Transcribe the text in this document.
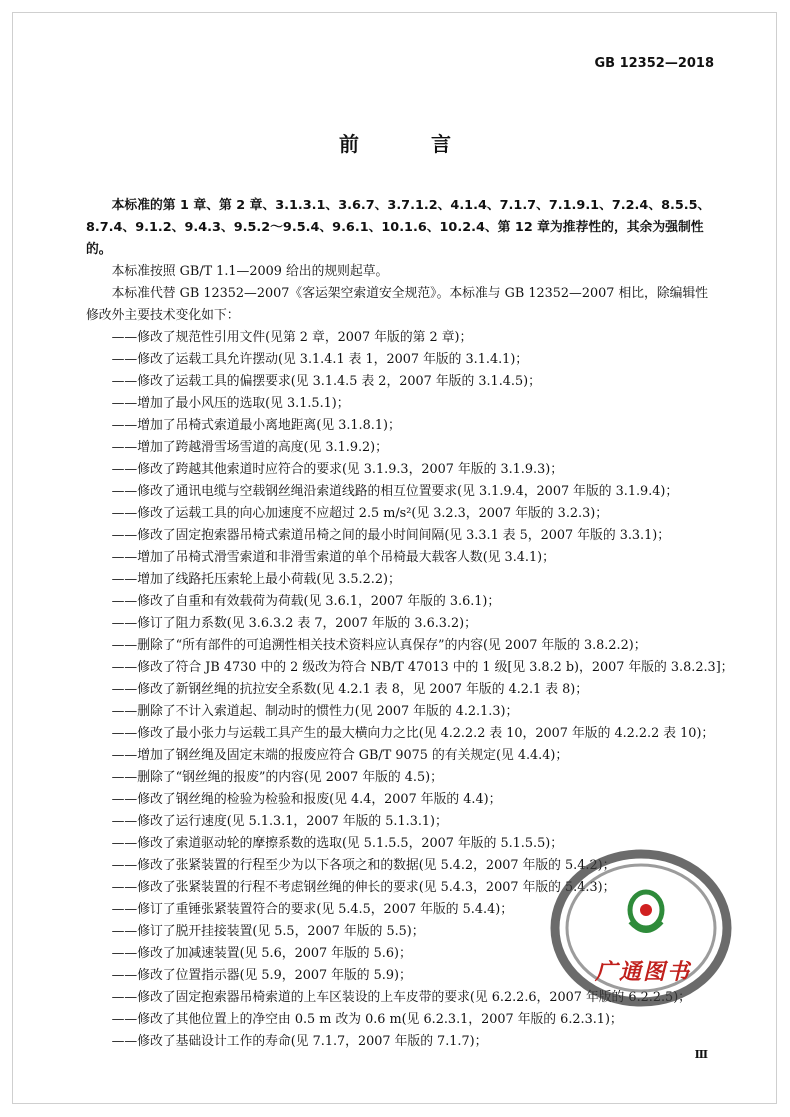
GB 12352—2018
前　言

本标准的第 1 章、第 2 章、3.1.3.1、3.6.7、3.7.1.2、4.1.4、7.1.7、7.1.9.1、7.2.4、8.5.5、8.7.4、9.1.2、9.4.3、9.5.2～9.5.4、9.6.1、10.1.6、10.2.4、第 12 章为推荐性的，其余为强制性的。

本标准按照 GB/T 1.1—2009 给出的规则起草。

本标准代替 GB 12352—2007《客运架空索道安全规范》。本标准与 GB 12352—2007 相比，除编辑性修改外主要技术变化如下：

——修改了规范性引用文件(见第 2 章，2007 年版的第 2 章)；
——修改了运载工具允许摆动(见 3.1.4.1 表 1，2007 年版的 3.1.4.1)；
——修改了运载工具的偏摆要求(见 3.1.4.5 表 2，2007 年版的 3.1.4.5)；
——增加了最小风压的选取(见 3.1.5.1)；
——增加了吊椅式索道最小离地距离(见 3.1.8.1)；
——增加了跨越滑雪场雪道的高度(见 3.1.9.2)；
——修改了跨越其他索道时应符合的要求(见 3.1.9.3，2007 年版的 3.1.9.3)；
——修改了通讯电缆与空载钢丝绳沿索道线路的相互位置要求(见 3.1.9.4，2007 年版的 3.1.9.4)；
——修改了运载工具的向心加速度不应超过 2.5 m/s²(见 3.2.3，2007 年版的 3.2.3)；
——修改了固定抱索器吊椅式索道吊椅之间的最小时间间隔(见 3.3.1 表 5，2007 年版的 3.3.1)；
——增加了吊椅式滑雪索道和非滑雪索道的单个吊椅最大载客人数(见 3.4.1)；
——增加了线路托压索轮上最小荷载(见 3.5.2.2)；
——修改了自重和有效载荷为荷载(见 3.6.1，2007 年版的 3.6.1)；
——修订了阻力系数(见 3.6.3.2 表 7，2007 年版的 3.6.3.2)；
——删除了“所有部件的可追溯性相关技术资料应认真保存”的内容(见 2007 年版的 3.8.2.2)；
——修改了符合 JB 4730 中的 2 级改为符合 NB/T 47013 中的 1 级[见 3.8.2 b)，2007 年版的 3.8.2.3]；
——修改了新钢丝绳的抗拉安全系数(见 4.2.1 表 8，见 2007 年版的 4.2.1 表 8)；
——删除了不计入索道起、制动时的惯性力(见 2007 年版的 4.2.1.3)；
——修改了最小张力与运载工具产生的最大横向力之比(见 4.2.2.2 表 10，2007 年版的 4.2.2.2 表 10)；
——增加了钢丝绳及固定末端的报废应符合 GB/T 9075 的有关规定(见 4.4.4)；
——删除了“钢丝绳的报废”的内容(见 2007 年版的 4.5)；
——修改了钢丝绳的检验为检验和报废(见 4.4，2007 年版的 4.4)；
——修改了运行速度(见 5.1.3.1，2007 年版的 5.1.3.1)；
——修改了索道驱动轮的摩擦系数的选取(见 5.1.5.5，2007 年版的 5.1.5.5)；
——修改了张紧装置的行程至少为以下各项之和的数据(见 5.4.2，2007 年版的 5.4.2)；
——修改了张紧装置的行程不考虑钢丝绳的伸长的要求(见 5.4.3，2007 年版的 5.4.3)；
——修订了重锤张紧装置符合的要求(见 5.4.5，2007 年版的 5.4.4)；
——修订了脱开挂接装置(见 5.5，2007 年版的 5.5)；
——修改了加减速装置(见 5.6，2007 年版的 5.6)；
——修改了位置指示器(见 5.9，2007 年版的 5.9)；
——修改了固定抱索器吊椅索道的上车区装设的上车皮带的要求(见 6.2.2.6，2007 年版的 6.2.2.5)；
——修改了其他位置上的净空由 0.5 m 改为 0.6 m(见 6.2.3.1，2007 年版的 6.2.3.1)；
——修改了基础设计工作的寿命(见 7.1.7，2007 年版的 7.1.7)；
广通图书
Ⅲ
